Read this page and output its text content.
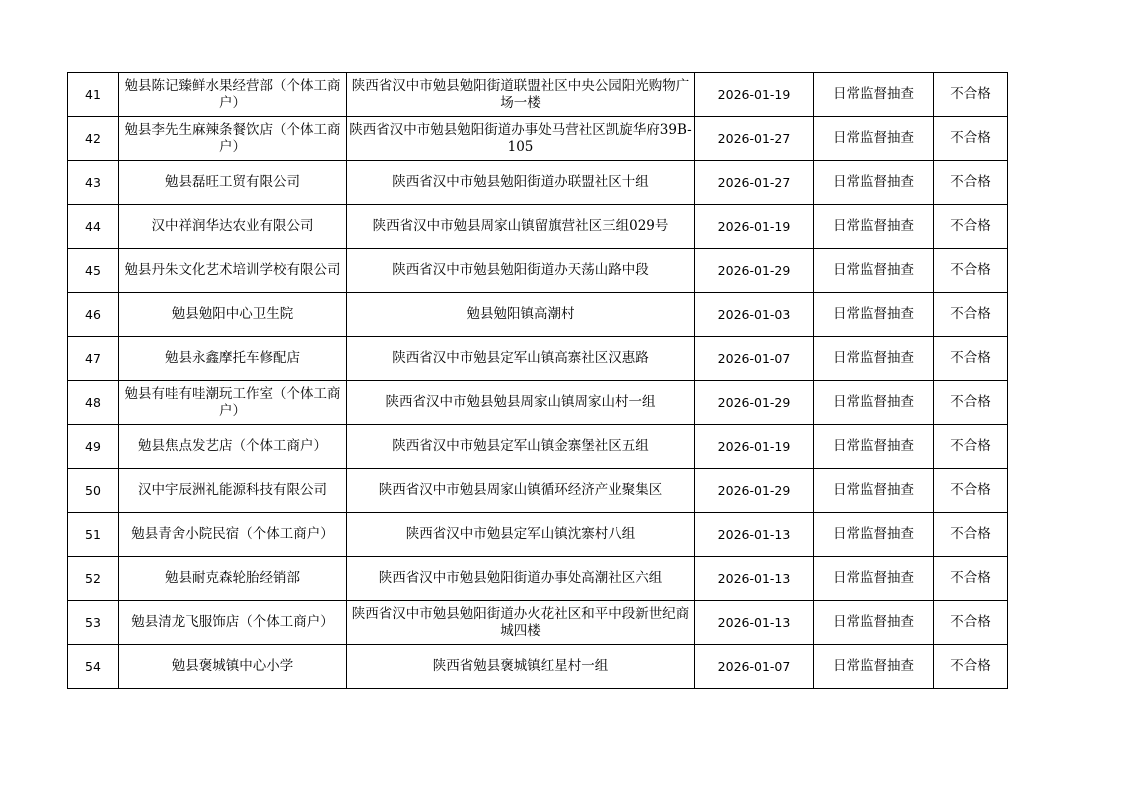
41	勉县陈记臻鲜水果经营部（个体工商户）	陕西省汉中市勉县勉阳街道联盟社区中央公园阳光购物广场一楼	2026-01-19	日常监督抽查	不合格
42	勉县李先生麻辣条餐饮店（个体工商户）	陕西省汉中市勉县勉阳街道办事处马营社区凯旋华府39B-105	2026-01-27	日常监督抽查	不合格
43	勉县磊旺工贸有限公司	陕西省汉中市勉县勉阳街道办联盟社区十组	2026-01-27	日常监督抽查	不合格
44	汉中祥润华达农业有限公司	陕西省汉中市勉县周家山镇留旗营社区三组029号	2026-01-19	日常监督抽查	不合格
45	勉县丹朱文化艺术培训学校有限公司	陕西省汉中市勉县勉阳街道办天荡山路中段	2026-01-29	日常监督抽查	不合格
46	勉县勉阳中心卫生院	勉县勉阳镇高潮村	2026-01-03	日常监督抽查	不合格
47	勉县永鑫摩托车修配店	陕西省汉中市勉县定军山镇高寨社区汉惠路	2026-01-07	日常监督抽查	不合格
48	勉县有哇有哇潮玩工作室（个体工商户）	陕西省汉中市勉县勉县周家山镇周家山村一组	2026-01-29	日常监督抽查	不合格
49	勉县焦点发艺店（个体工商户）	陕西省汉中市勉县定军山镇金寨堡社区五组	2026-01-19	日常监督抽查	不合格
50	汉中宇辰洲礼能源科技有限公司	陕西省汉中市勉县周家山镇循环经济产业聚集区	2026-01-29	日常监督抽查	不合格
51	勉县青舍小院民宿（个体工商户）	陕西省汉中市勉县定军山镇沈寨村八组	2026-01-13	日常监督抽查	不合格
52	勉县耐克森轮胎经销部	陕西省汉中市勉县勉阳街道办事处高潮社区六组	2026-01-13	日常监督抽查	不合格
53	勉县清龙飞服饰店（个体工商户）	陕西省汉中市勉县勉阳街道办火花社区和平中段新世纪商城四楼	2026-01-13	日常监督抽查	不合格
54	勉县褒城镇中心小学	陕西省勉县褒城镇红星村一组	2026-01-07	日常监督抽查	不合格
